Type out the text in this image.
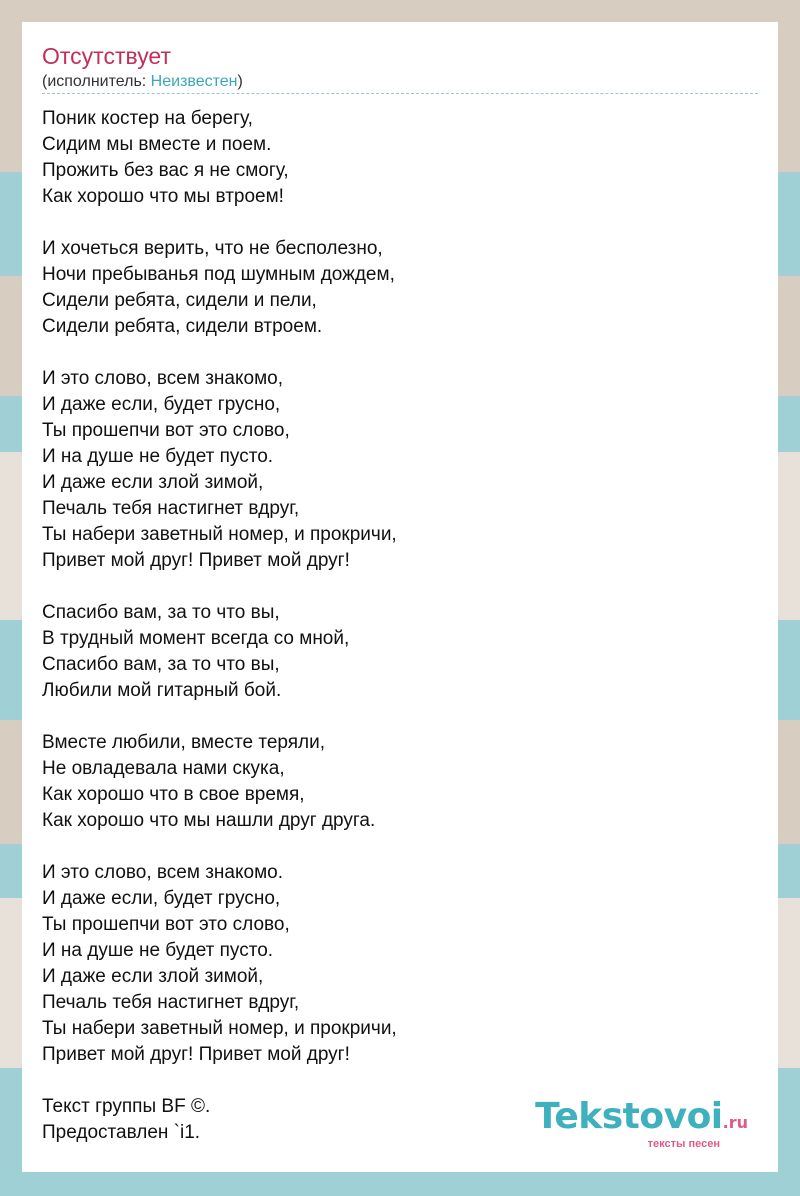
Отсутствует
(исполнитель: Неизвестен)
Поник костер на берегу,
Сидим мы вместе и поем.
Прожить без вас я не смогу,
Как хорошо что мы втроем!
И хочеться верить, что не бесполезно,
Ночи пребыванья под шумным дождем,
Сидели ребята, сидели и пели,
Сидели ребята, сидели втроем.
И это слово, всем знакомо,
И даже если, будет грусно,
Ты прошепчи вот это слово,
И на душе не будет пусто.
И даже если злой зимой,
Печаль тебя настигнет вдруг,
Ты набери заветный номер, и прокричи,
Привет мой друг! Привет мой друг!
Спасибо вам, за то что вы,
В трудный момент всегда со мной,
Спасибо вам, за то что вы,
Любили мой гитарный бой.
Вместе любили, вместе теряли,
Не овладевала нами скука,
Как хорошо что в свое время,
Как хорошо что мы нашли друг друга.
И это слово, всем знакомо.
И даже если, будет грусно,
Ты прошепчи вот это слово,
И на душе не будет пусто.
И даже если злой зимой,
Печаль тебя настигнет вдруг,
Ты набери заветный номер, и прокричи,
Привет мой друг! Привет мой друг!
Текст группы BF ©.
Предоставлен `i1.	Tekstovoi.ru
тексты песен
